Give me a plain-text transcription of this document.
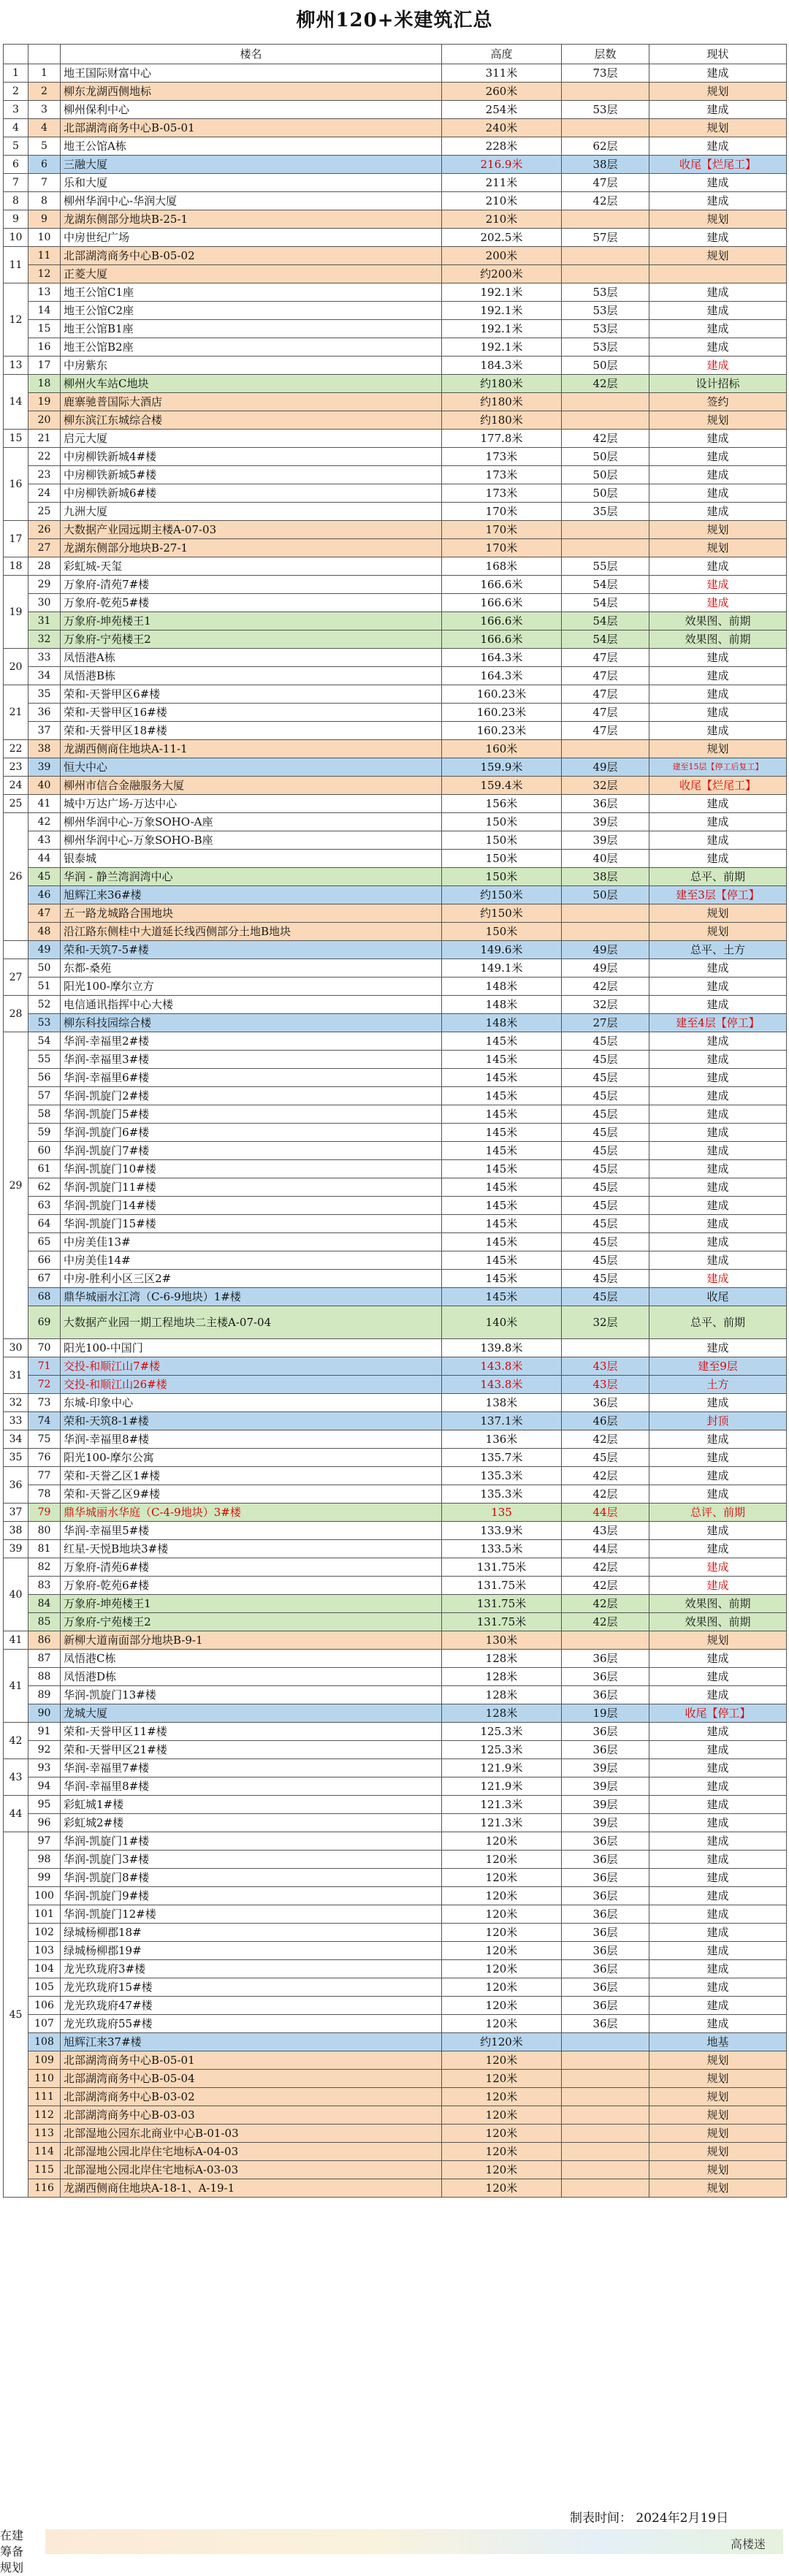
柳州120+米建筑汇总
		楼名	高度	层数	现状
1	1	地王国际财富中心	311米	73层	建成
2	2	柳东龙湖西侧地标	260米		规划
3	3	柳州保利中心	254米	53层	建成
4	4	北部湖湾商务中心B-05-01	240米		规划
5	5	地王公馆A栋	228米	62层	建成
6	6	三融大厦	216.9米	38层	收尾【烂尾工】
7	7	乐和大厦	211米	47层	建成
8	8	柳州华润中心-华润大厦	210米	42层	建成
9	9	龙湖东侧部分地块B-25-1	210米		规划
10	10	中房世纪广场	202.5米	57层	建成
11	11	北部湖湾商务中心B-05-02	200米		规划
	12	正菱大厦	约200米		
12	13	地王公馆C1座	192.1米	53层	建成
	14	地王公馆C2座	192.1米	53层	建成
	15	地王公馆B1座	192.1米	53层	建成
	16	地王公馆B2座	192.1米	53层	建成
13	17	中房紫东	184.3米	50层	建成
14	18	柳州火车站C地块	约180米	42层	设计招标
	19	鹿寨驰普国际大酒店	约180米		签约
	20	柳东滨江东城综合楼	约180米		规划
15	21	启元大厦	177.8米	42层	建成
16	22	中房柳铁新城4#楼	173米	50层	建成
	23	中房柳铁新城5#楼	173米	50层	建成
	24	中房柳铁新城6#楼	173米	50层	建成
	25	九洲大厦	170米	35层	建成
17	26	大数据产业园远期主楼A-07-03	170米		规划
	27	龙湖东侧部分地块B-27-1	170米		规划
18	28	彩虹城-天玺	168米	55层	建成
19	29	万象府-清苑7#楼	166.6米	54层	建成
	30	万象府-乾苑5#楼	166.6米	54层	建成
	31	万象府-坤苑楼王1	166.6米	54层	效果图、前期
	32	万象府-宁苑楼王2	166.6米	54层	效果图、前期
20	33	凤悟港A栋	164.3米	47层	建成
	34	凤悟港B栋	164.3米	47层	建成
21	35	荣和-天誉甲区6#楼	160.23米	47层	建成
	36	荣和-天誉甲区16#楼	160.23米	47层	建成
	37	荣和-天誉甲区18#楼	160.23米	47层	建成
22	38	龙湖西侧商住地块A-11-1	160米		规划
23	39	恒大中心	159.9米	49层	建至15层【停工后复工】
24	40	柳州市信合金融服务大厦	159.4米	32层	收尾【烂尾工】
25	41	城中万达广场-万达中心	156米	36层	建成
26	42	柳州华润中心-万象SOHO-A座	150米	39层	建成
	43	柳州华润中心-万象SOHO-B座	150米	39层	建成
	44	银泰城	150米	40层	建成
	45	华润 - 静兰湾润湾中心	150米	38层	总平、前期
	46	旭辉江来36#楼	约150米	50层	建至3层【停工】
	47	五一路龙城路合围地块	约150米		规划
	48	沿江路东侧桂中大道延长线西侧部分土地B地块	150米		规划
	49	荣和-天筑7-5#楼	149.6米	49层	总平、土方
27	50	东都-桑苑	149.1米	49层	建成
	51	阳光100-摩尔立方	148米	42层	建成
28	52	电信通讯指挥中心大楼	148米	32层	建成
	53	柳东科技园综合楼	148米	27层	建至4层【停工】
29	54	华润-幸福里2#楼	145米	45层	建成
	55	华润-幸福里3#楼	145米	45层	建成
	56	华润-幸福里6#楼	145米	45层	建成
	57	华润-凯旋门2#楼	145米	45层	建成
	58	华润-凯旋门5#楼	145米	45层	建成
	59	华润-凯旋门6#楼	145米	45层	建成
	60	华润-凯旋门7#楼	145米	45层	建成
	61	华润-凯旋门10#楼	145米	45层	建成
	62	华润-凯旋门11#楼	145米	45层	建成
	63	华润-凯旋门14#楼	145米	45层	建成
	64	华润-凯旋门15#楼	145米	45层	建成
	65	中房美佳13#	145米	45层	建成
	66	中房美佳14#	145米	45层	建成
	67	中房-胜利小区三区2#	145米	45层	建成
	68	鼎华城丽水江湾（C-6-9地块）1#楼	145米	45层	收尾
	69	大数据产业园一期工程地块二主楼A-07-04	140米	32层	总平、前期
30	70	阳光100-中国门	139.8米		建成
31	71	交投-和顺江山7#楼	143.8米	43层	建至9层
	72	交投-和顺江山26#楼	143.8米	43层	土方
32	73	东城-印象中心	138米	36层	建成
33	74	荣和-天筑8-1#楼	137.1米	46层	封顶
34	75	华润-幸福里8#楼	136米	42层	建成
35	76	阳光100-摩尔公寓	135.7米	45层	建成
36	77	荣和-天誉乙区1#楼	135.3米	42层	建成
	78	荣和-天誉乙区9#楼	135.3米	42层	建成
37	79	鼎华城丽水华庭（C-4-9地块）3#楼	135	44层	总评、前期
38	80	华润-幸福里5#楼	133.9米	43层	建成
39	81	红星-天悦B地块3#楼	133.5米	44层	建成
40	82	万象府-清苑6#楼	131.75米	42层	建成
	83	万象府-乾苑6#楼	131.75米	42层	建成
	84	万象府-坤苑楼王1	131.75米	42层	效果图、前期
	85	万象府-宁苑楼王2	131.75米	42层	效果图、前期
41	86	新柳大道南面部分地块B-9-1	130米		规划
41	87	凤悟港C栋	128米	36层	建成
	88	凤悟港D栋	128米	36层	建成
	89	华润-凯旋门13#楼	128米	36层	建成
	90	龙城大厦	128米	19层	收尾【停工】
42	91	荣和-天誉甲区11#楼	125.3米	36层	建成
	92	荣和-天誉甲区21#楼	125.3米	36层	建成
43	93	华润-幸福里7#楼	121.9米	39层	建成
	94	华润-幸福里8#楼	121.9米	39层	建成
44	95	彩虹城1#楼	121.3米	39层	建成
	96	彩虹城2#楼	121.3米	39层	建成
45	97	华润-凯旋门1#楼	120米	36层	建成
	98	华润-凯旋门3#楼	120米	36层	建成
	99	华润-凯旋门8#楼	120米	36层	建成
	100	华润-凯旋门9#楼	120米	36层	建成
	101	华润-凯旋门12#楼	120米	36层	建成
	102	绿城杨柳郡18#	120米	36层	建成
	103	绿城杨柳郡19#	120米	36层	建成
	104	龙光玖珑府3#楼	120米	36层	建成
	105	龙光玖珑府15#楼	120米	36层	建成
	106	龙光玖珑府47#楼	120米	36层	建成
	107	龙光玖珑府55#楼	120米	36层	建成
	108	旭辉江来37#楼	约120米		地基
	109	北部湖湾商务中心B-05-01	120米		规划
	110	北部湖湾商务中心B-05-04	120米		规划
	111	北部湖湾商务中心B-03-02	120米		规划
	112	北部湖湾商务中心B-03-03	120米		规划
	113	北部湿地公园东北商业中心B-01-03	120米		规划
	114	北部湿地公园北岸住宅地标A-04-03	120米		规划
	115	北部湿地公园北岸住宅地标A-03-03	120米		规划
	116	龙湖西侧商住地块A-18-1、A-19-1	120米		规划
制表时间： 2024年2月19日
在建
筹备
规划
高楼迷
